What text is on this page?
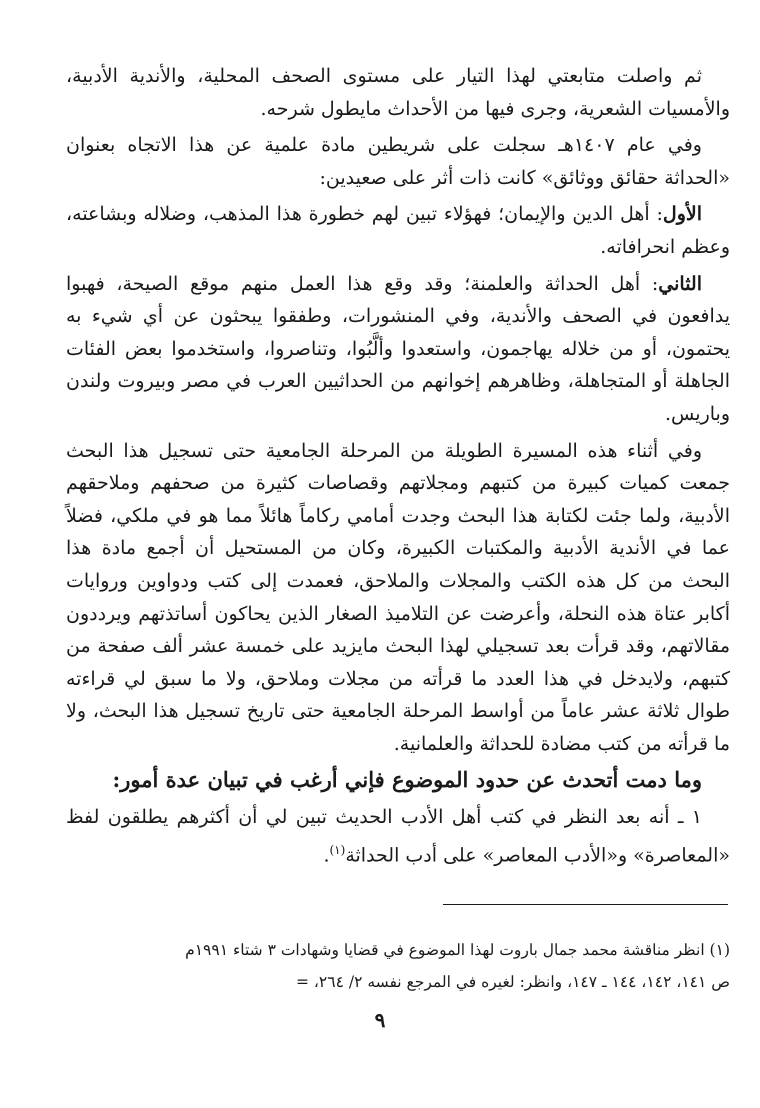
ثم واصلت متابعتي لهذا التيار على مستوى الصحف المحلية، والأندية الأدبية، والأمسيات الشعرية، وجرى فيها من الأحداث مايطول شرحه.

وفي عام ١٤٠٧هـ سجلت على شريطين مادة علمية عن هذا الاتجاه بعنوان «الحداثة حقائق ووثائق» كانت ذات أثر على صعيدين:

الأول: أهل الدين والإيمان؛ فهؤلاء تبين لهم خطورة هذا المذهب، وضلاله وبشاعته، وعظم انحرافاته.

الثاني: أهل الحداثة والعلمنة؛ وقد وقع هذا العمل منهم موقع الصيحة، فهبوا يدافعون في الصحف والأندية، وفي المنشورات، وطفقوا يبحثون عن أي شيء به يحتمون، أو من خلاله يهاجمون، واستعدوا وألَّبُوا، وتناصروا، واستخدموا بعض الفئات الجاهلة أو المتجاهلة، وظاهرهم إخوانهم من الحداثيين العرب في مصر وبيروت ولندن وباريس.

وفي أثناء هذه المسيرة الطويلة من المرحلة الجامعية حتى تسجيل هذا البحث جمعت كميات كبيرة من كتبهم ومجلاتهم وقصاصات كثيرة من صحفهم وملاحقهم الأدبية، ولما جئت لكتابة هذا البحث وجدت أمامي ركاماً هائلاً مما هو في ملكي، فضلاً عما في الأندية الأدبية والمكتبات الكبيرة، وكان من المستحيل أن أجمع مادة هذا البحث من كل هذه الكتب والمجلات والملاحق، فعمدت إلى كتب ودواوين وروايات أكابر عتاة هذه النحلة، وأعرضت عن التلاميذ الصغار الذين يحاكون أساتذتهم ويرددون مقالاتهم، وقد قرأت بعد تسجيلي لهذا البحث مايزيد على خمسة عشر ألف صفحة من كتبهم، ولايدخل في هذا العدد ما قرأته من مجلات وملاحق، ولا ما سبق لي قراءته طوال ثلاثة عشر عاماً من أواسط المرحلة الجامعية حتى تاريخ تسجيل هذا البحث، ولا ما قرأته من كتب مضادة للحداثة والعلمانية.

وما دمت أتحدث عن حدود الموضوع فإني أرغب في تبيان عدة أمور:

١ ـ أنه بعد النظر في كتب أهل الأدب الحديث تبين لي أن أكثرهم يطلقون لفظ «المعاصرة» و«الأدب المعاصر» على أدب الحداثة$^{(١)}$.

(١) انظر مناقشة محمد جمال باروت لهذا الموضوع في قضايا وشهادات ٣ شتاء ١٩٩١م

ص ١٤١، ١٤٢، ١٤٤ ـ ١٤٧، وانظر: لغيره في المرجع نفسه ٢/ ٢٦٤، =

٩
